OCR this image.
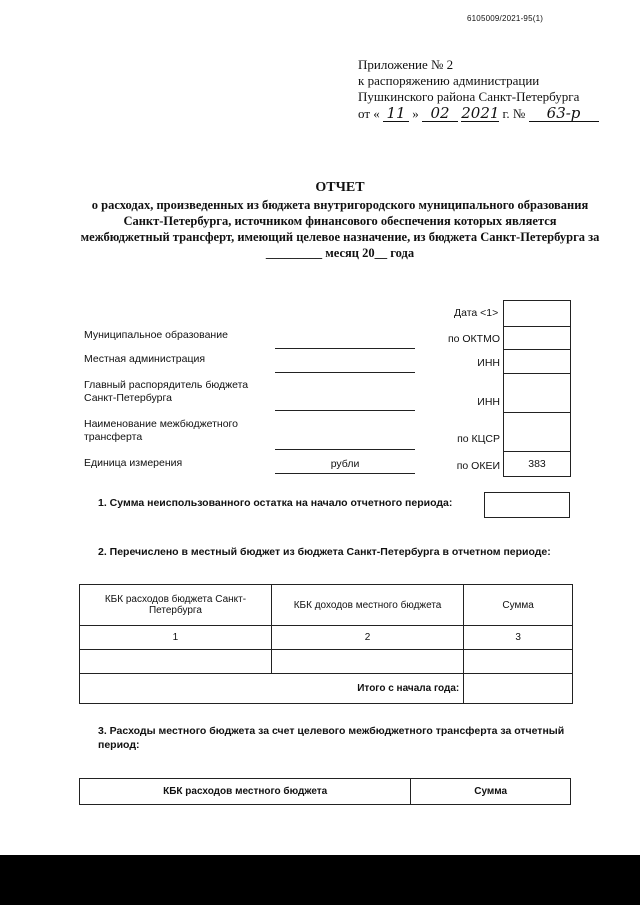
6105009/2021-95(1)
Приложение № 2
к распоряжению администрации
Пушкинского района Санкт-Петербурга
от « 11 » 02 2021 г. № 63-р
ОТЧЕТ
о расходах, произведенных из бюджета внутригородского муниципального образования Санкт-Петербурга, источником финансового обеспечения которых является межбюджетный трансферт, имеющий целевое назначение, из бюджета Санкт-Петербурга за _________ месяц 20__ года
Дата <1>
Муниципальное образование	по ОКТМО
Местная администрация	ИНН
Главный распорядитель бюджета Санкт-Петербурга	ИНН
Наименование межбюджетного трансферта	по КЦСР
Единица измерения	рубли	по ОКЕИ	383
1. Сумма неиспользованного остатка на начало отчетного периода:
2. Перечислено в местный бюджет из бюджета Санкт-Петербурга в отчетном периоде:
КБК расходов бюджета Санкт-Петербурга	КБК доходов местного бюджета	Сумма
1	2	3

Итого с начала года:		
3. Расходы местного бюджета за счет целевого межбюджетного трансферта за отчетный период:
КБК расходов местного бюджета	Сумма
